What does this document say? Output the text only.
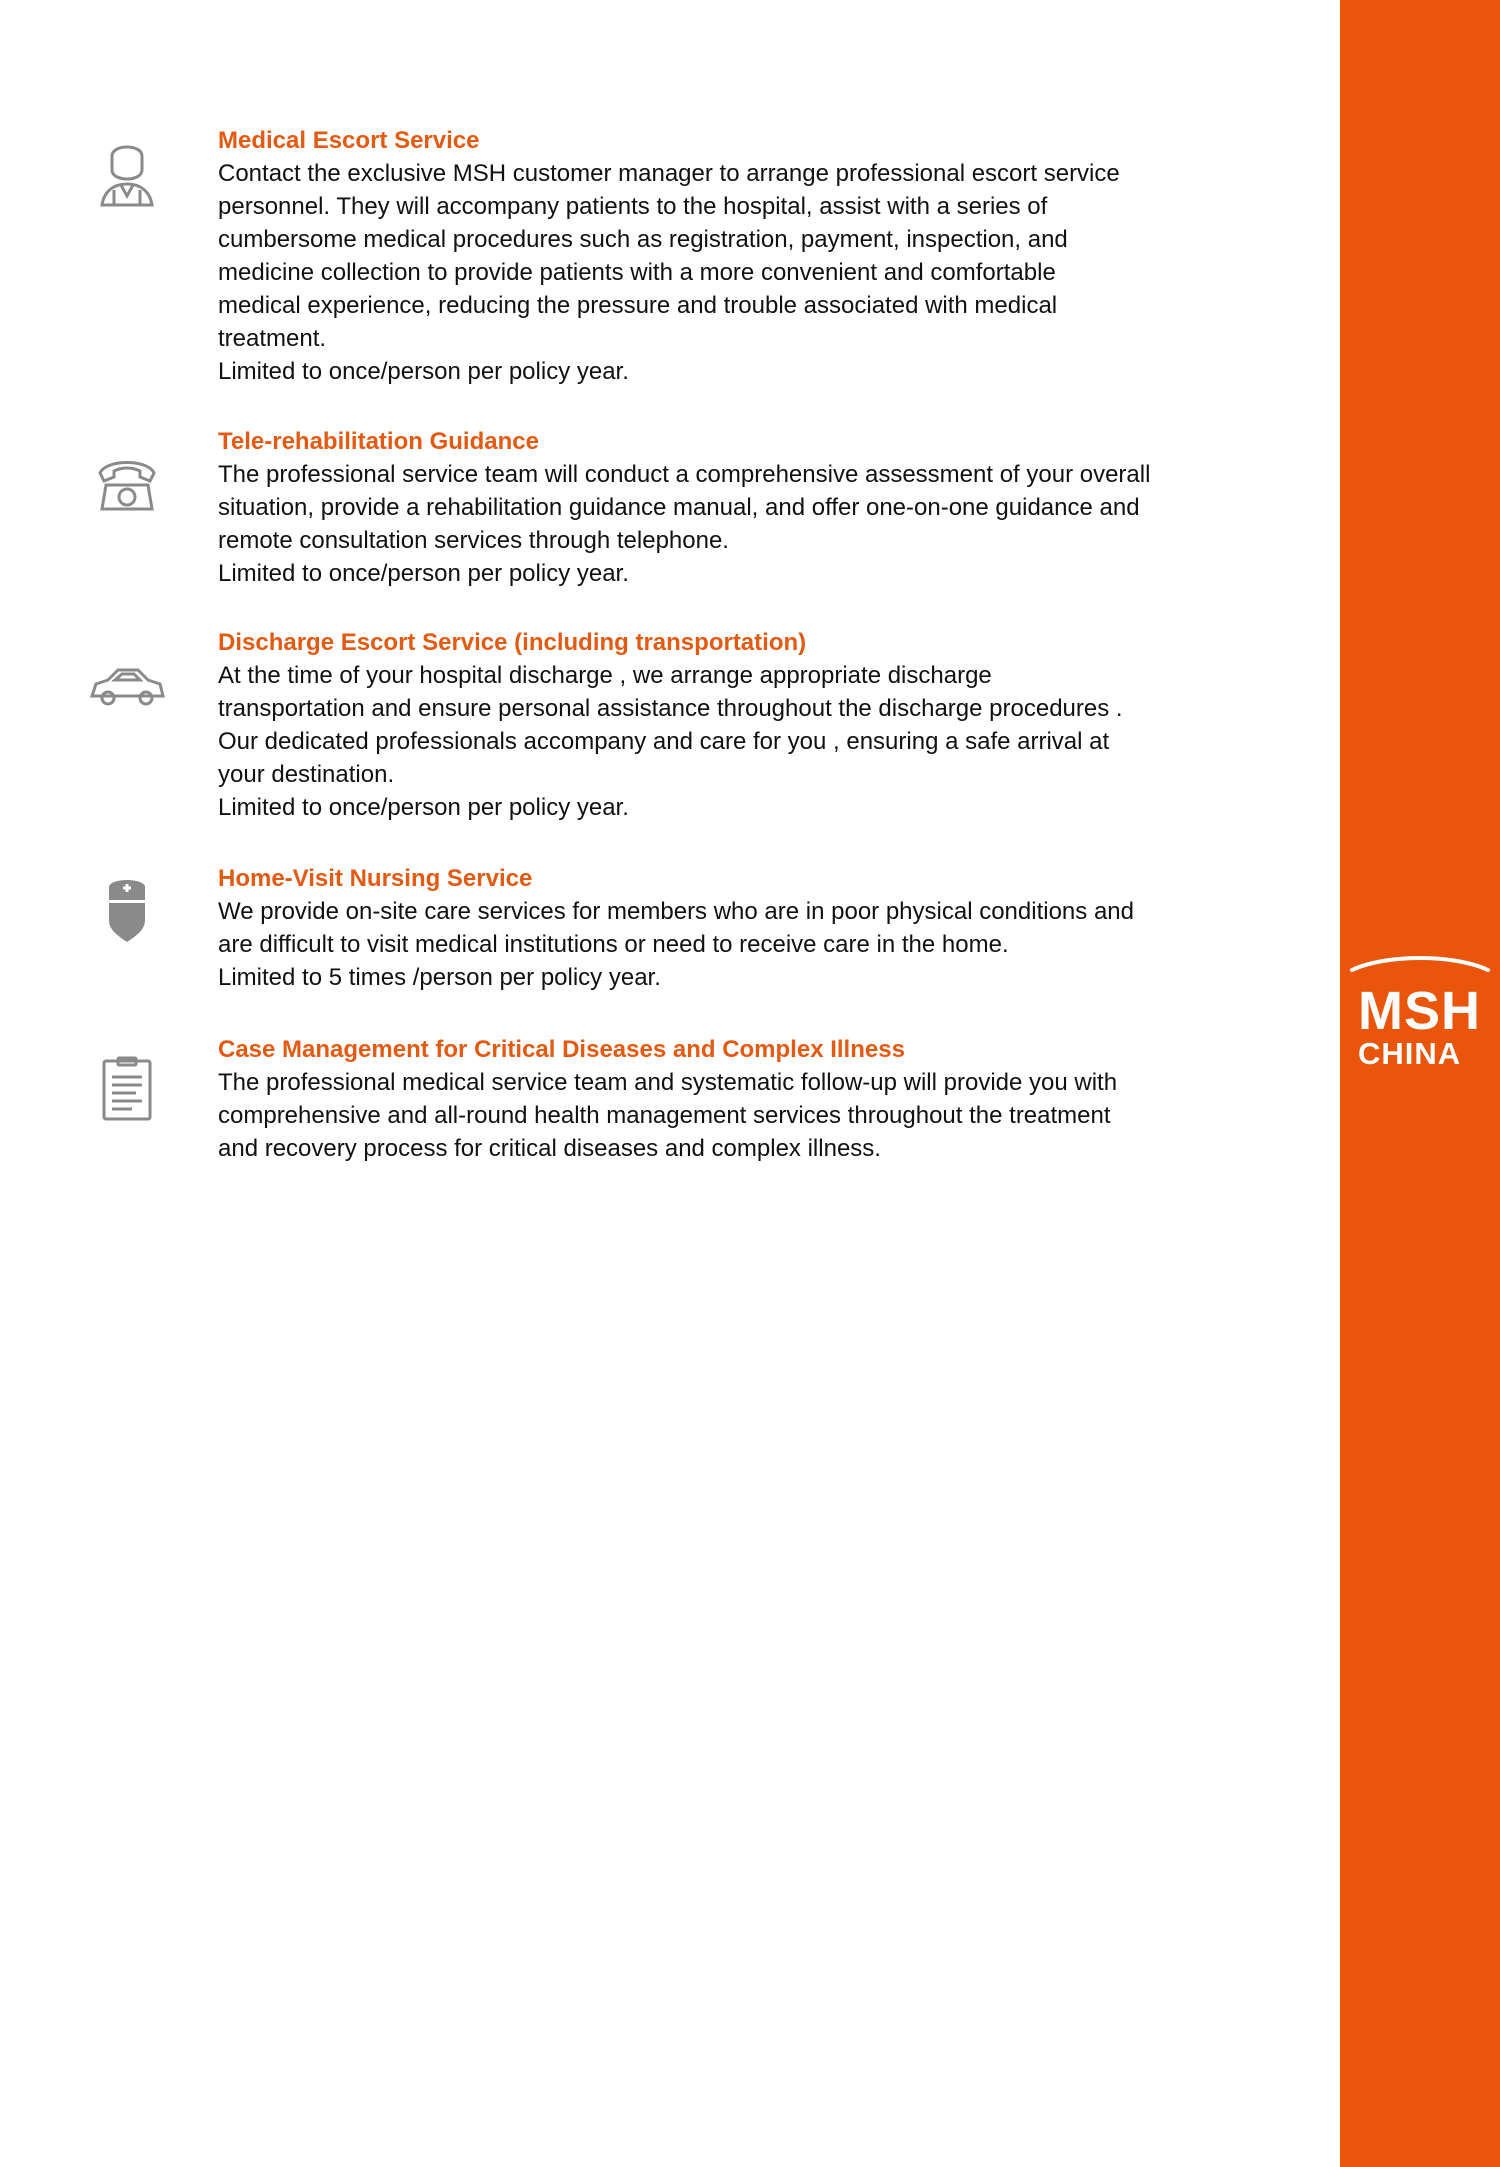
Medical Escort Service

Contact the exclusive MSH customer manager to arrange professional escort service

personnel. They will accompany patients to the hospital, assist with a series of

cumbersome medical procedures such as registration, payment, inspection, and

medicine collection to provide patients with a more convenient and comfortable

medical experience, reducing the pressure and trouble associated with medical

treatment.

Limited to once/person per policy year.

Tele-rehabilitation Guidance

The professional service team will conduct a comprehensive assessment of your overall

situation, provide a rehabilitation guidance manual, and offer one-on-one guidance and

remote consultation services through telephone.

Limited to once/person per policy year.

Discharge Escort Service (including transportation)

At the time of your hospital discharge , we arrange appropriate discharge

transportation and ensure personal assistance throughout the discharge procedures .

Our dedicated professionals accompany and care for you , ensuring a safe arrival at

your destination.

Limited to once/person per policy year.

Home-Visit Nursing Service

We provide on-site care services for members who are in poor physical conditions and

are difficult to visit medical institutions or need to receive care in the home.

Limited to 5 times /person per policy year.

Case Management for Critical Diseases and Complex Illness

The professional medical service team and systematic follow-up will provide you with

comprehensive and all-round health management services throughout the treatment

and recovery process for critical diseases and complex illness.

MSH
CHINA
